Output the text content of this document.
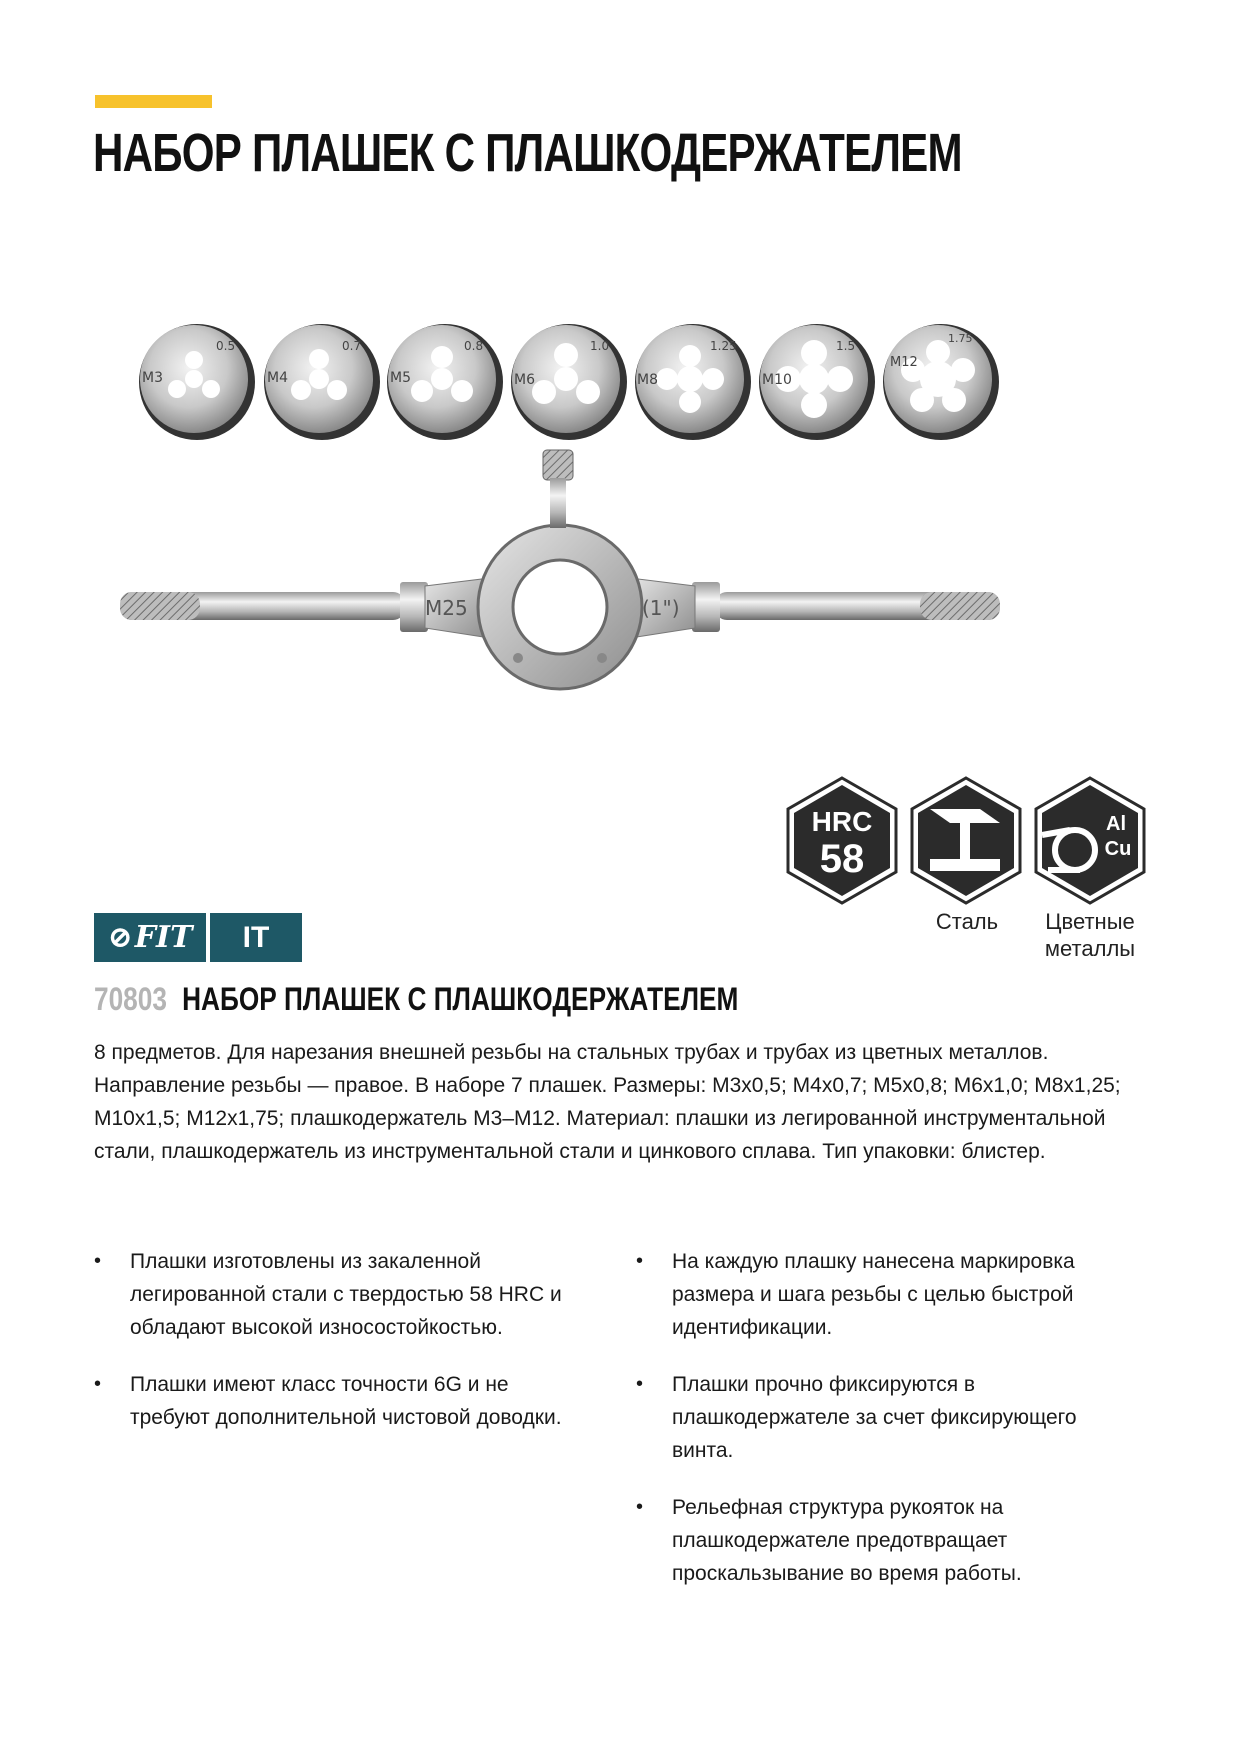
НАБОР ПЛАШЕК С ПЛАШКОДЕРЖАТЕЛЕМ
M3
0.5
M4
0.7
M5
0.8
M6
1.0
M8
1.25
M10
1.5
M12
1.75
M25	(1")
HRC
58
Al
Cu
Сталь	Цветные
металлы
⊘ FIT	IT
70803 НАБОР ПЛАШЕК С ПЛАШКОДЕРЖАТЕЛЕМ

8 предметов. Для нарезания внешней резьбы на стальных трубах и трубах из цветных металлов. Направление резьбы — правое. В наборе 7 плашек. Размеры: М3х0,5; М4х0,7; М5х0,8; М6х1,0; М8х1,25; М10х1,5; М12х1,75; плашкодержатель М3–М12. Материал: плашки из легированной инструментальной стали, плашкодержатель из инструментальной стали и цинкового сплава. Тип упаковки: блистер.

• Плашки изготовлены из закаленной легированной стали с твердостью 58 HRC и обладают высокой износостойкостью.
• Плашки имеют класс точности 6G и не требуют дополнительной чистовой доводки.
• На каждую плашку нанесена маркировка размера и шага резьбы с целью быстрой идентификации.
• Плашки прочно фиксируются в плашкодержателе за счет фиксирующего винта.
• Рельефная структура рукояток на плашкодержателе предотвращает проскальзывание во время работы.
